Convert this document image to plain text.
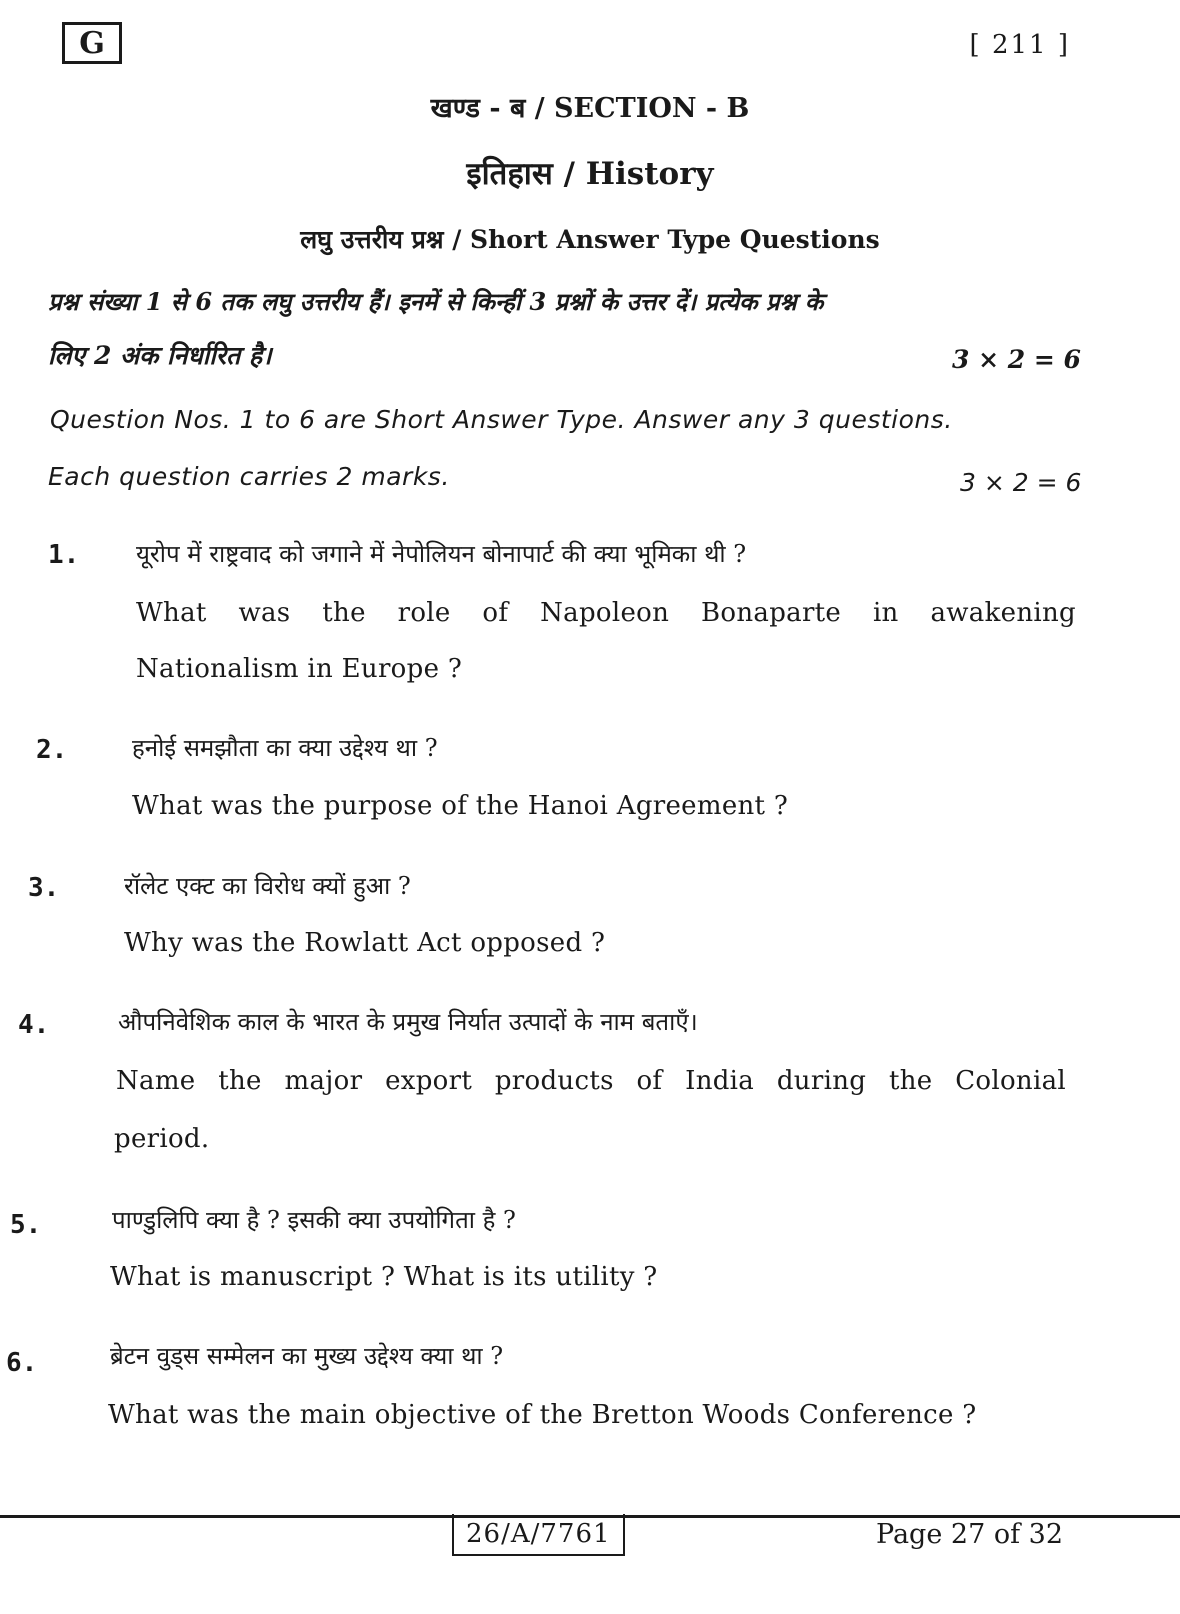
G	[ 211 ]
खण्ड - ब / SECTION - B
इतिहास / History
लघु उत्तरीय प्रश्न / Short Answer Type Questions
प्रश्न संख्या 1 से 6 तक लघु उत्तरीय हैं। इनमें से किन्हीं 3 प्रश्नों के उत्तर दें। प्रत्येक प्रश्न के
लिए 2 अंक निर्धारित है।	3 × 2 = 6
Question Nos. 1 to 6 are Short Answer Type. Answer any 3 questions.
Each question carries 2 marks.	3 × 2 = 6
1. यूरोप में राष्ट्रवाद को जगाने में नेपोलियन बोनापार्ट की क्या भूमिका थी ?
What was the role of Napoleon Bonaparte in awakening
Nationalism in Europe ?
2.	हनोई समझौता का क्या उद्देश्य था ?
What was the purpose of the Hanoi Agreement ?
3.	रॉलेट एक्ट का विरोध क्यों हुआ ?
Why was the Rowlatt Act opposed ?
4.	औपनिवेशिक काल के भारत के प्रमुख निर्यात उत्पादों के नाम बताएँ।
Name the major export products of India during the Colonial
period.
5.	पाण्डुलिपि क्या है ? इसकी क्या उपयोगिता है ?
What is manuscript ? What is its utility ?
6.	ब्रेटन वुड्स सम्मेलन का मुख्य उद्देश्य क्या था ?
What was the main objective of the Bretton Woods Conference ?
26/A/7761	Page 27 of 32
